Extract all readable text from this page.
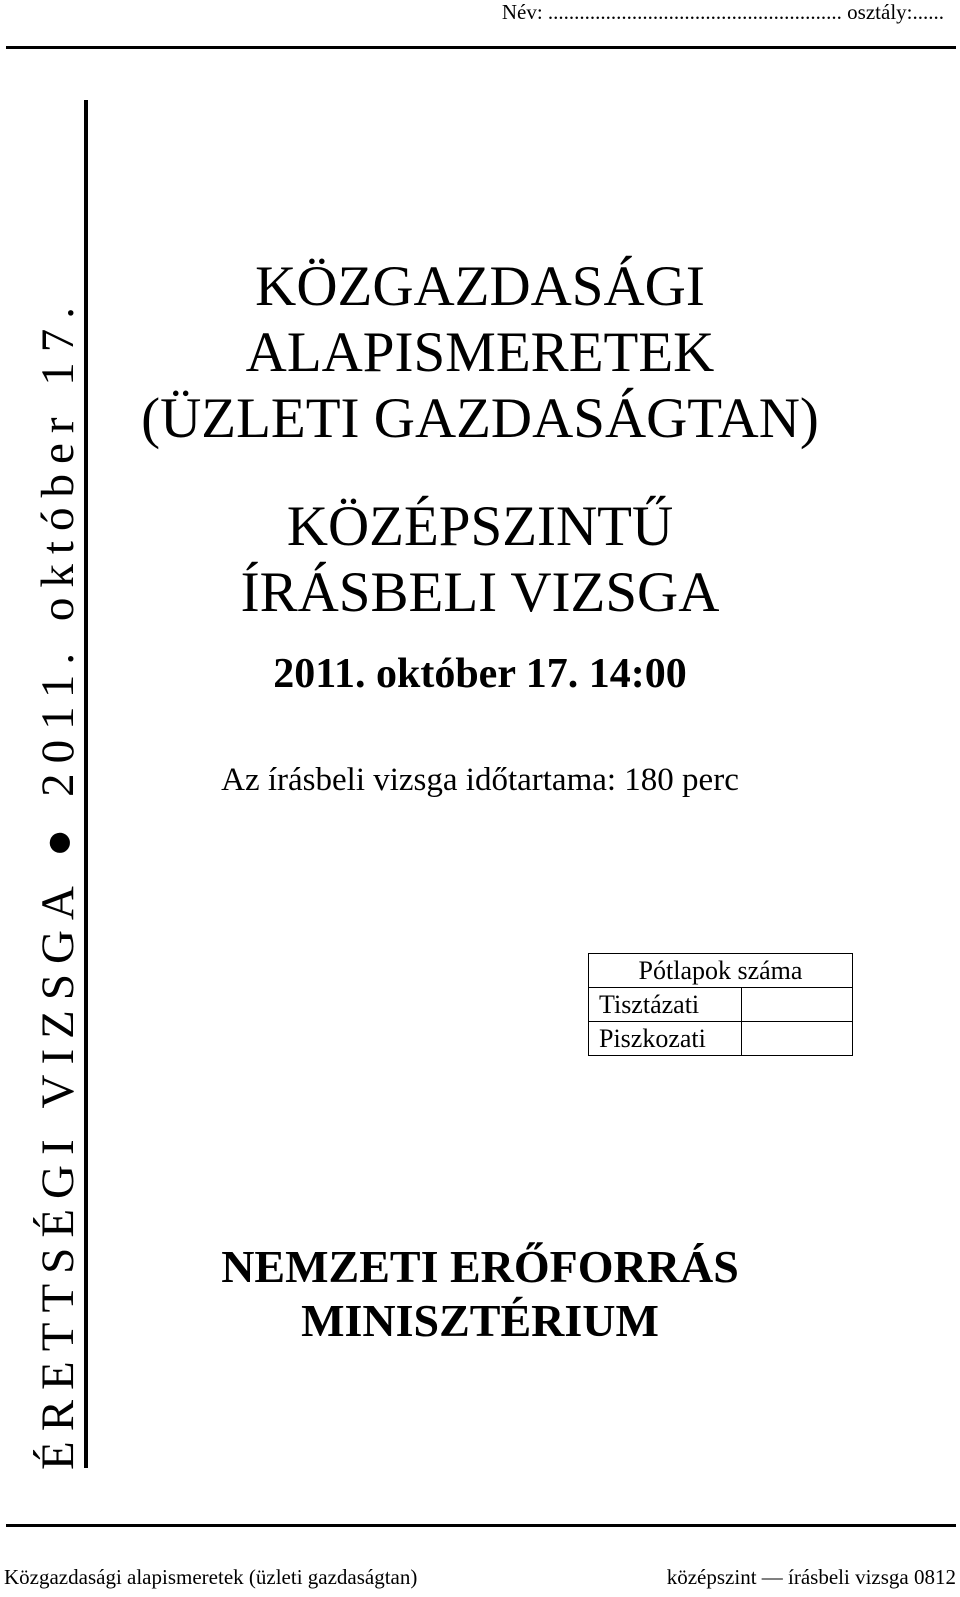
Név: ........................................................ osztály:......
ÉRETTSÉGI VIZSGA ● 2011. október 17.
KÖZGAZDASÁGI
ALAPISMERETEK
(ÜZLETI GAZDASÁGTAN)
KÖZÉPSZINTŰ
ÍRÁSBELI VIZSGA

2011. október 17. 14:00

Az írásbeli vizsga időtartama: 180 perc

Pótlapok száma	
Tisztázati	
Piszkozati	

NEMZETI ERŐFORRÁS
MINISZTÉRIUM

Közgazdasági alapismeretek (üzleti gazdaságtan)	középszint — írásbeli vizsga 0812
